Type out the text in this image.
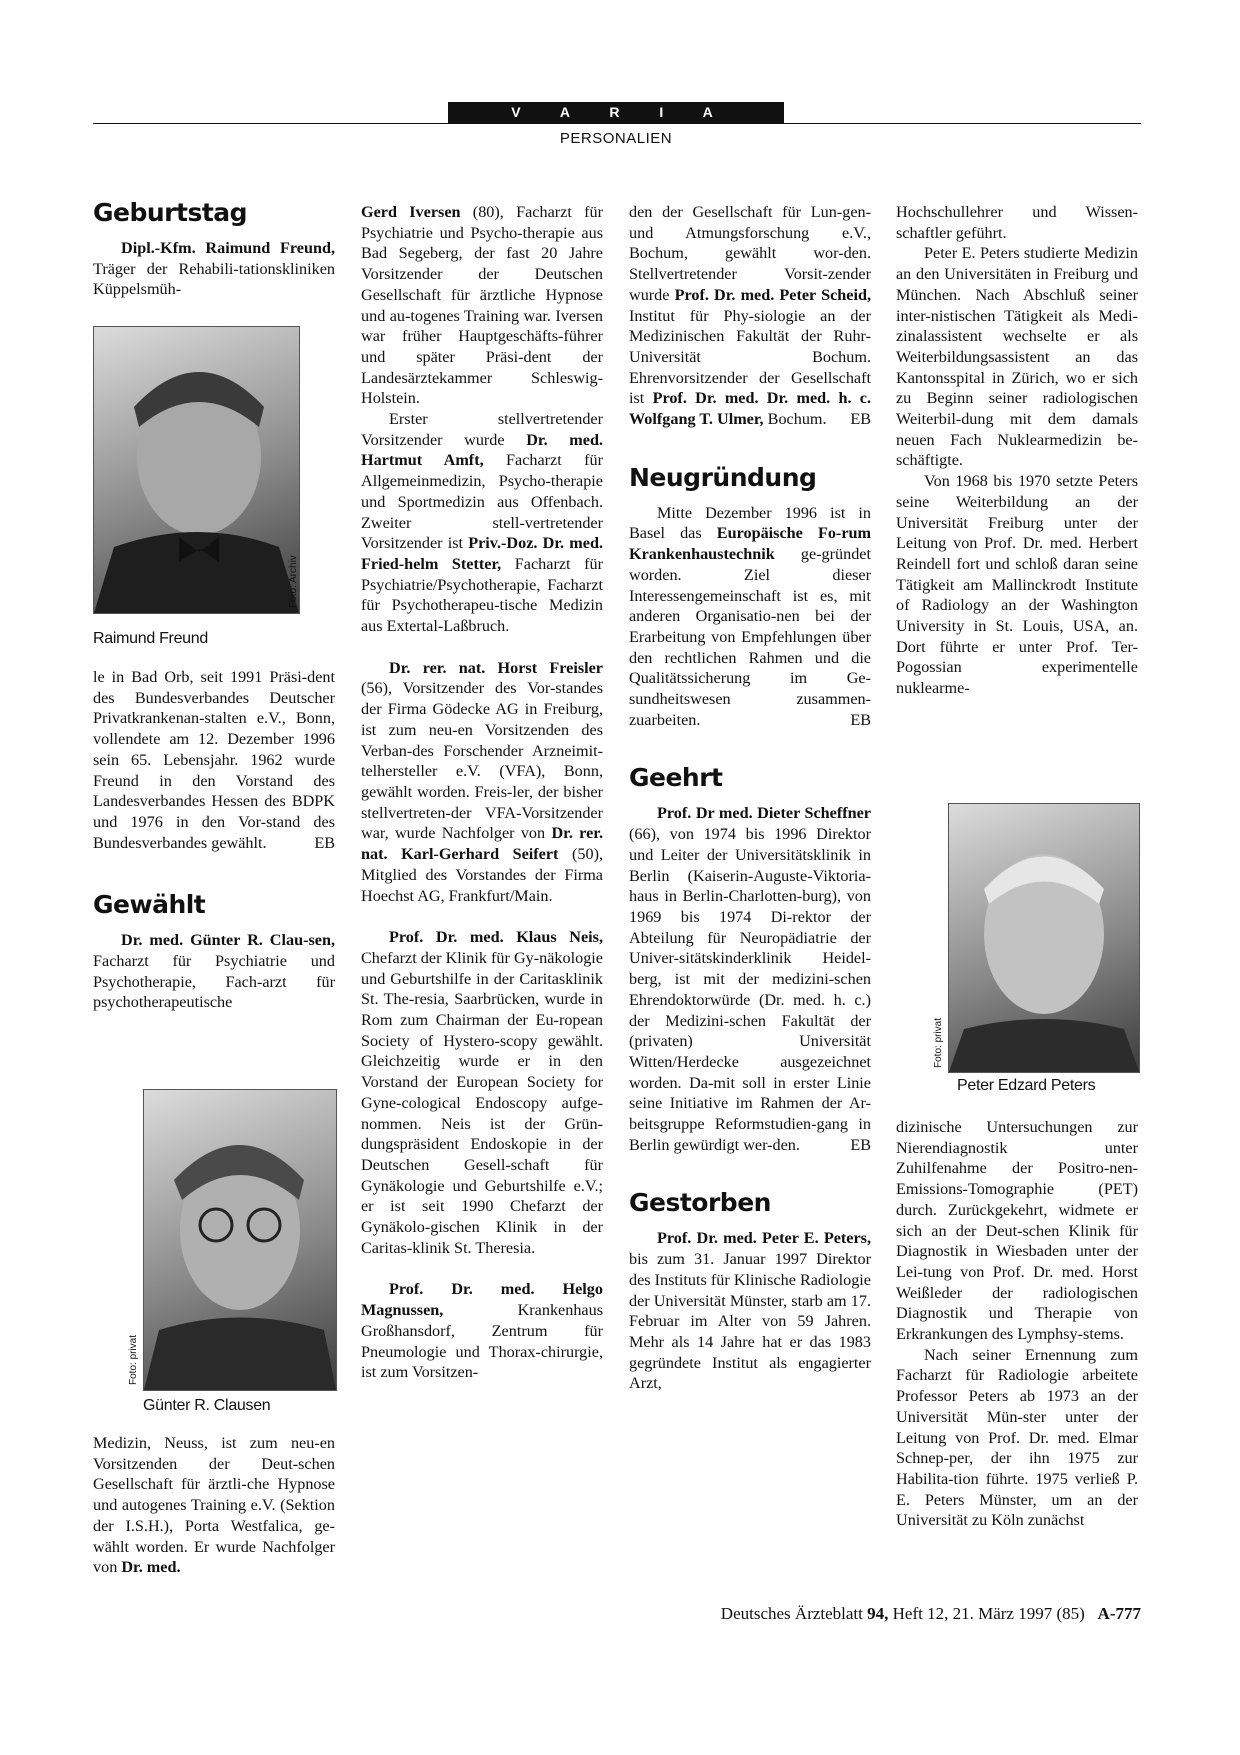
V A R I A
PERSONALIEN
Geburtstag

Dipl.-Kfm. Raimund Freund, Träger der Rehabili-tationskliniken Küppelsmüh-

Foto: Archiv
Raimund Freund

le in Bad Orb, seit 1991 Präsi-dent des Bundesverbandes Deutscher Privatkrankenan-stalten e.V., Bonn, vollendete am 12. Dezember 1996 sein 65. Lebensjahr. 1962 wurde Freund in den Vorstand des Landesverbandes Hessen des BDPK und 1976 in den Vor-stand des Bundesverbandes gewählt.	EB

Gewählt

Dr. med. Günter R. Clau-sen, Facharzt für Psychiatrie und Psychotherapie, Fach-arzt für psychotherapeutische

Foto: privat
Günter R. Clausen

Medizin, Neuss, ist zum neu-en Vorsitzenden der Deut-schen Gesellschaft für ärztli-che Hypnose und autogenes Training e.V. (Sektion der I.S.H.), Porta Westfalica, ge-wählt worden. Er wurde Nachfolger von Dr. med.

Gerd Iversen (80), Facharzt für Psychiatrie und Psycho-therapie aus Bad Segeberg, der fast 20 Jahre Vorsitzender der Deutschen Gesellschaft für ärztliche Hypnose und au-togenes Training war. Iversen war früher Hauptgeschäfts-führer und später Präsi-dent der Landesärztekammer Schleswig-Holstein.

Erster stellvertretender Vorsitzender wurde Dr. med. Hartmut Amft, Facharzt für Allgemeinmedizin, Psycho-therapie und Sportmedizin aus Offenbach. Zweiter stell-vertretender Vorsitzender ist Priv.-Doz. Dr. med. Fried-helm Stetter, Facharzt für Psychiatrie/Psychotherapie, Facharzt für Psychotherapeu-tische Medizin aus Extertal-Laßbruch.

Dr. rer. nat. Horst Freisler (56), Vorsitzender des Vor-standes der Firma Gödecke AG in Freiburg, ist zum neu-en Vorsitzenden des Verban-des Forschender Arzneimit-telhersteller e.V. (VFA), Bonn, gewählt worden. Freis-ler, der bisher stellvertreten-der VFA-Vorsitzender war, wurde Nachfolger von Dr. rer. nat. Karl-Gerhard Seifert (50), Mitglied des Vorstandes der Firma Hoechst AG, Frankfurt/Main.

Prof. Dr. med. Klaus Neis, Chefarzt der Klinik für Gy-näkologie und Geburtshilfe in der Caritasklinik St. The-resia, Saarbrücken, wurde in Rom zum Chairman der Eu-ropean Society of Hystero-scopy gewählt. Gleichzeitig wurde er in den Vorstand der European Society for Gyne-cological Endoscopy aufge-nommen. Neis ist der Grün-dungspräsident Endoskopie in der Deutschen Gesell-schaft für Gynäkologie und Geburtshilfe e.V.; er ist seit 1990 Chefarzt der Gynäkolo-gischen Klinik in der Caritas-klinik St. Theresia.

Prof. Dr. med. Helgo Magnussen, Krankenhaus Großhansdorf, Zentrum für Pneumologie und Thorax-chirurgie, ist zum Vorsitzen-

den der Gesellschaft für Lun-gen- und Atmungsforschung e.V., Bochum, gewählt wor-den. Stellvertretender Vorsit-zender wurde Prof. Dr. med. Peter Scheid, Institut für Phy-siologie an der Medizinischen Fakultät der Ruhr-Universität Bochum. Ehrenvorsitzender der Gesellschaft ist Prof. Dr. med. Dr. med. h. c. Wolfgang T. Ulmer, Bochum. EB

Neugründung

Mitte Dezember 1996 ist in Basel das Europäische Fo-rum Krankenhaustechnik ge-gründet worden. Ziel dieser Interessengemeinschaft ist es, mit anderen Organisatio-nen bei der Erarbeitung von Empfehlungen über den rechtlichen Rahmen und die Qualitätssicherung im Ge-sundheitswesen zusammen-zuarbeiten.	EB

Geehrt

Prof. Dr med. Dieter Scheffner (66), von 1974 bis 1996 Direktor und Leiter der Universitätsklinik in Berlin (Kaiserin-Auguste-Viktoria-haus in Berlin-Charlotten-burg), von 1969 bis 1974 Di-rektor der Abteilung für Neuropädiatrie der Univer-sitätskinderklinik Heidel-berg, ist mit der medizini-schen Ehrendoktorwürde (Dr. med. h. c.) der Medizini-schen Fakultät der (privaten) Universität Witten/Herdecke ausgezeichnet worden. Da-mit soll in erster Linie seine Initiative im Rahmen der Ar-beitsgruppe Reformstudien-gang in Berlin gewürdigt wer-den.	EB

Gestorben

Prof. Dr. med. Peter E. Peters, bis zum 31. Januar 1997 Direktor des Instituts für Klinische Radiologie der Universität Münster, starb am 17. Februar im Alter von 59 Jahren. Mehr als 14 Jahre hat er das 1983 gegründete Institut als engagierter Arzt,

Hochschullehrer und Wissen-schaftler geführt.

Peter E. Peters studierte Medizin an den Universitäten in Freiburg und München. Nach Abschluß seiner inter-nistischen Tätigkeit als Medi-zinalassistent wechselte er als Weiterbildungsassistent an das Kantonsspital in Zürich, wo er sich zu Beginn seiner radiologischen Weiterbil-dung mit dem damals neuen Fach Nuklearmedizin be-schäftigte.

Von 1968 bis 1970 setzte Peters seine Weiterbildung an der Universität Freiburg unter der Leitung von Prof. Dr. med. Herbert Reindell fort und schloß daran seine Tätigkeit am Mallinckrodt Institute of Radiology an der Washington University in St. Louis, USA, an. Dort führte er unter Prof. Ter-Pogossian experimentelle nuklearme-

Foto: privat
Peter Edzard Peters

dizinische Untersuchungen zur Nierendiagnostik unter Zuhilfenahme der Positro-nen-Emissions-Tomographie (PET) durch. Zurückgekehrt, widmete er sich an der Deut-schen Klinik für Diagnostik in Wiesbaden unter der Lei-tung von Prof. Dr. med. Horst Weißleder der radiologischen Diagnostik und Therapie von Erkrankungen des Lymphsy-stems.

Nach seiner Ernennung zum Facharzt für Radiologie arbeitete Professor Peters ab 1973 an der Universität Mün-ster unter der Leitung von Prof. Dr. med. Elmar Schnep-per, der ihn 1975 zur Habilita-tion führte. 1975 verließ P. E. Peters Münster, um an der Universität zu Köln zunächst

Deutsches Ärzteblatt 94, Heft 12, 21. März 1997 (85) A-777
